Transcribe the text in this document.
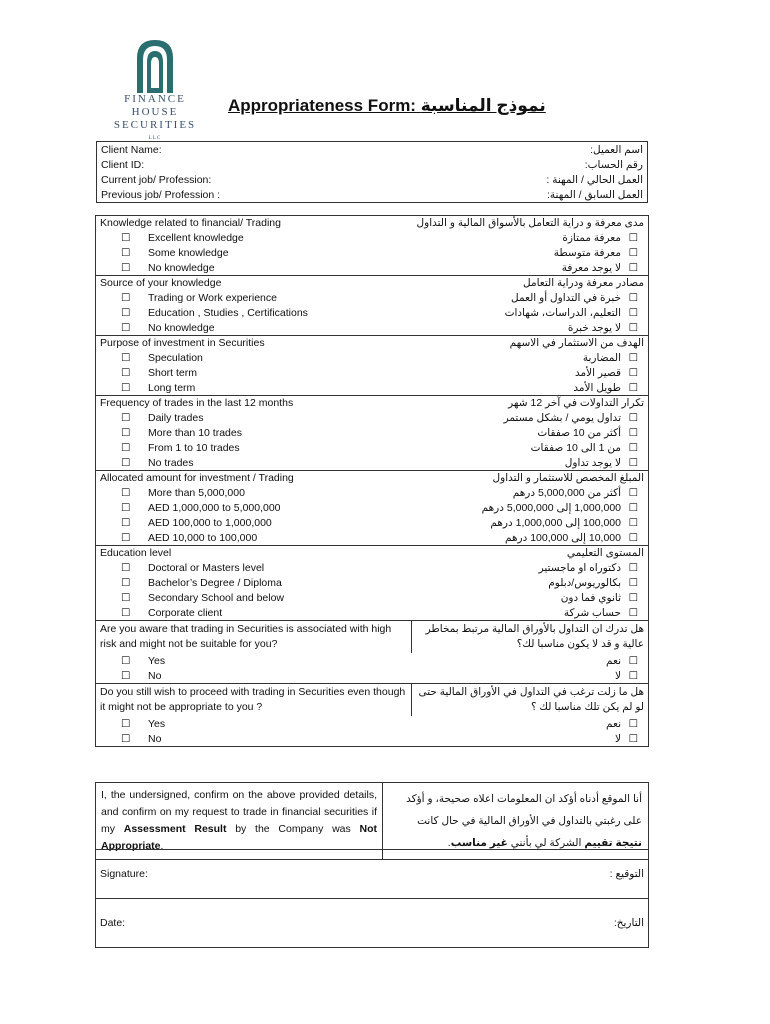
FINANCE HOUSE
SECURITIES
LLC
Appropriateness Form: نموذج المناسبة
Client Name:	اسم العميل:
Client ID:	رقم الحساب:
Current job/ Profession:	العمل الحالي / المهنة :
Previous job/ Profession :	العمل السابق / المهنة:
Knowledge related to financial/ Trading	مدى معرفة و دراية التعامل بالأسواق المالية و التداول
☐ Excellent knowledge	☐معرفة ممتازة
☐ Some knowledge	☐معرفة متوسطة
☐ No knowledge	☐لا يوجد معرفة
Source of your knowledge	مصادر معرفة ودراية التعامل
☐ Trading or Work experience	☐خبرة في التداول أو العمل
☐ Education , Studies , Certifications	☐التعليم، الدراسات، شهادات
☐ No knowledge	☐لا يوجد خبرة
Purpose of investment in Securities	الهدف من الاستثمار في الاسهم
☐ Speculation	☐المضاربة
☐ Short term	☐قصير الأمد
☐ Long term	☐طويل الأمد
Frequency of trades in the last 12 months	تكرار التداولات في آخر 12 شهر
☐ Daily trades	☐تداول يومي / بشكل مستمر
☐ More than 10 trades	☐أكثر من 10 صفقات
☐ From 1 to 10 trades	☐من 1 الى 10 صفقات
☐ No trades	☐لا يوجد تداول
Allocated amount for investment / Trading	المبلغ المخصص للاستثمار و التداول
☐ More than 5,000,000	☐أكثر من 5,000,000 درهم
☐ AED 1,000,000 to 5,000,000	☐1,000,000 إلى 5,000,000 درهم
☐ AED 100,000 to 1,000,000	☐100,000 إلى 1,000,000 درهم
☐ AED 10,000 to 100,000	☐10,000 إلى 100,000 درهم
Education level	المستوى التعليمي
☐ Doctoral or Masters level	☐دكتوراه او ماجستير
☐ Bachelor’s Degree / Diploma	☐بكالوريوس/دبلوم
☐ Secondary School and below	☐ثانوي فما دون
☐ Corporate client	☐حساب شركة
Are you aware that trading in Securities is associated with high risk and might not be suitable for you?	هل تدرك ان التداول بالأوراق المالية مرتبط بمخاطر عالية و قد لا يكون مناسبا لك؟
☐ Yes	☐نعم
☐ No	☐لا
Do you still wish to proceed with trading in Securities even though it might not be appropriate to you ?	هل ما زلت ترغب في التداول في الأوراق المالية حتى لو لم يكن تلك مناسبا لك ؟
☐ Yes	☐نعم
☐ No	☐لا
I, the undersigned, confirm on the above provided details, and confirm on my request to trade in financial securities if my Assessment Result by the Company was Not Appropriate.	أنا الموقع أدناه أؤكد ان المعلومات اعلاه صحيحة، و أؤكد على رغبتي بالتداول في الأوراق المالية في حال كانت نتيجة تقييم الشركة لي بأنني غير مناسب.
Signature:	التوقيع :
Date:	التاريخ:
